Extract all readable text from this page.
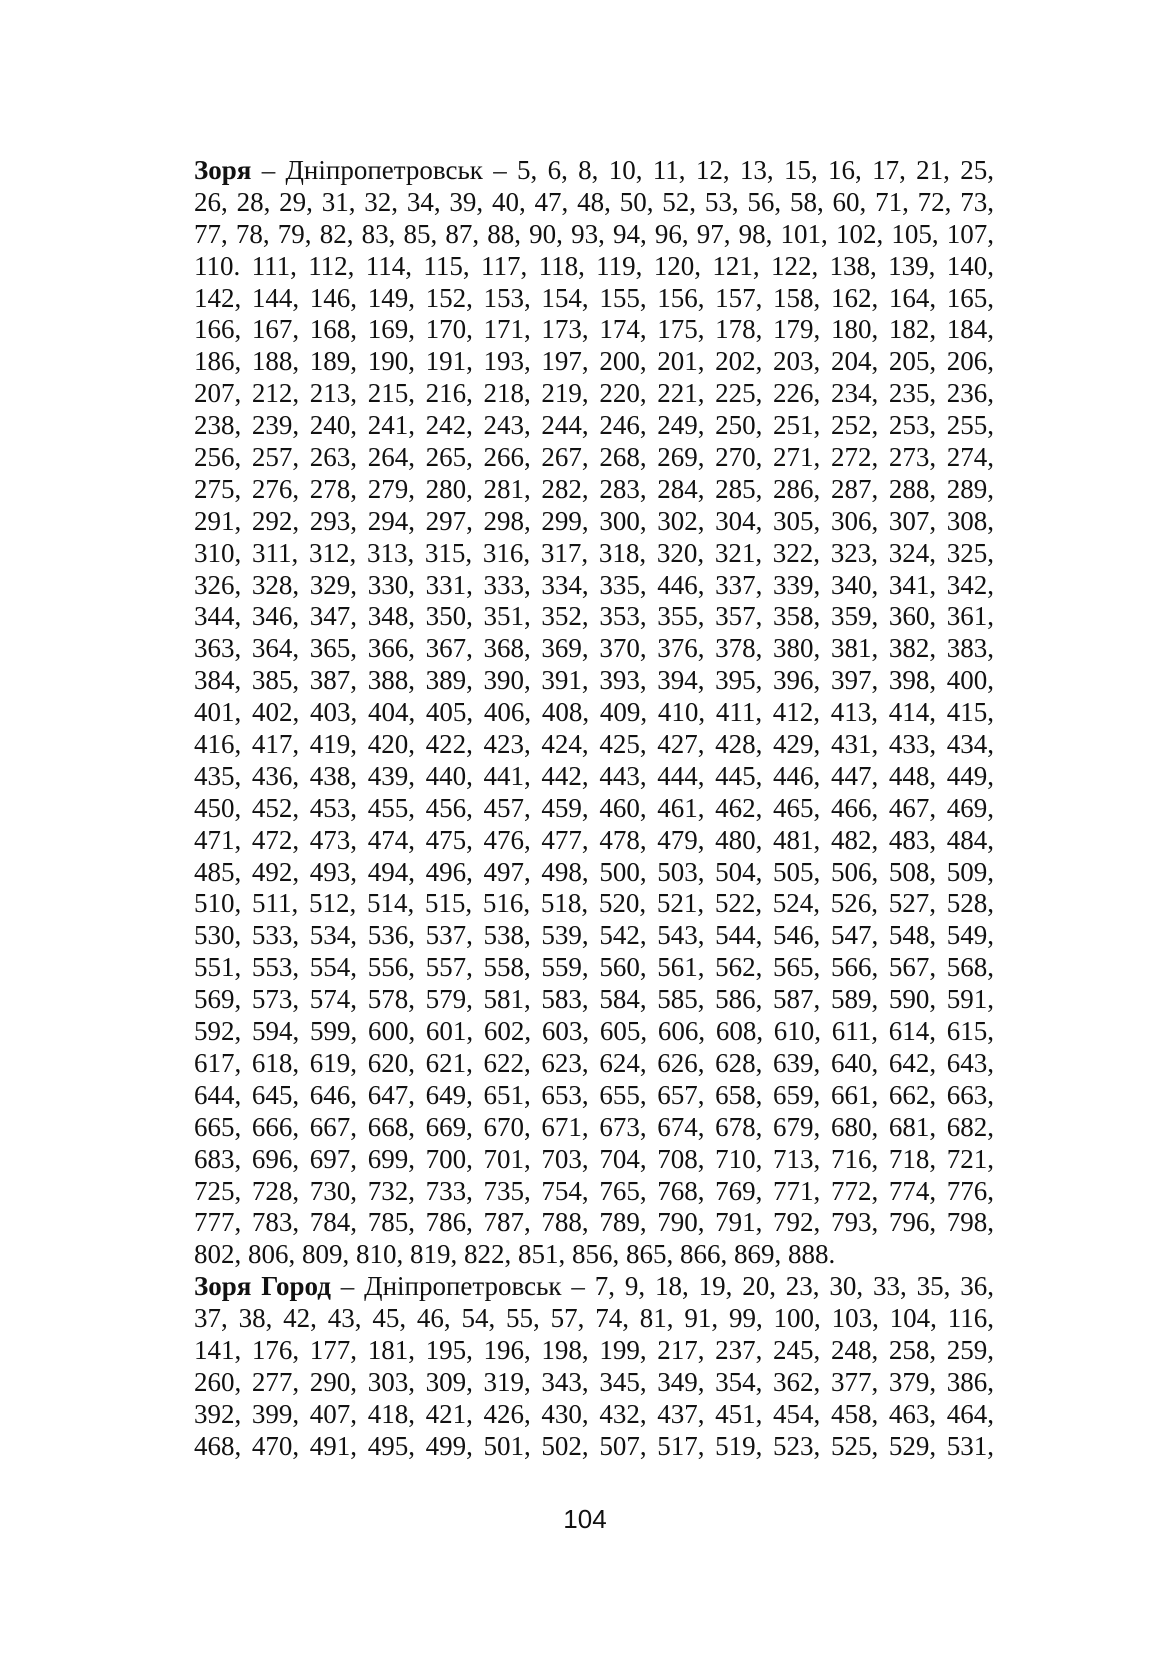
Зоря – Дніпропетровськ – 5, 6, 8, 10, 11, 12, 13, 15, 16, 17, 21, 25,
26, 28, 29, 31, 32, 34, 39, 40, 47, 48, 50, 52, 53, 56, 58, 60, 71, 72, 73,
77, 78, 79, 82, 83, 85, 87, 88, 90, 93, 94, 96, 97, 98, 101, 102, 105, 107,
110. 111, 112, 114, 115, 117, 118, 119, 120, 121, 122, 138, 139, 140,
142, 144, 146, 149, 152, 153, 154, 155, 156, 157, 158, 162, 164, 165,
166, 167, 168, 169, 170, 171, 173, 174, 175, 178, 179, 180, 182, 184,
186, 188, 189, 190, 191, 193, 197, 200, 201, 202, 203, 204, 205, 206,
207, 212, 213, 215, 216, 218, 219, 220, 221, 225, 226, 234, 235, 236,
238, 239, 240, 241, 242, 243, 244, 246, 249, 250, 251, 252, 253, 255,
256, 257, 263, 264, 265, 266, 267, 268, 269, 270, 271, 272, 273, 274,
275, 276, 278, 279, 280, 281, 282, 283, 284, 285, 286, 287, 288, 289,
291, 292, 293, 294, 297, 298, 299, 300, 302, 304, 305, 306, 307, 308,
310, 311, 312, 313, 315, 316, 317, 318, 320, 321, 322, 323, 324, 325,
326, 328, 329, 330, 331, 333, 334, 335, 446, 337, 339, 340, 341, 342,
344, 346, 347, 348, 350, 351, 352, 353, 355, 357, 358, 359, 360, 361,
363, 364, 365, 366, 367, 368, 369, 370, 376, 378, 380, 381, 382, 383,
384, 385, 387, 388, 389, 390, 391, 393, 394, 395, 396, 397, 398, 400,
401, 402, 403, 404, 405, 406, 408, 409, 410, 411, 412, 413, 414, 415,
416, 417, 419, 420, 422, 423, 424, 425, 427, 428, 429, 431, 433, 434,
435, 436, 438, 439, 440, 441, 442, 443, 444, 445, 446, 447, 448, 449,
450, 452, 453, 455, 456, 457, 459, 460, 461, 462, 465, 466, 467, 469,
471, 472, 473, 474, 475, 476, 477, 478, 479, 480, 481, 482, 483, 484,
485, 492, 493, 494, 496, 497, 498, 500, 503, 504, 505, 506, 508, 509,
510, 511, 512, 514, 515, 516, 518, 520, 521, 522, 524, 526, 527, 528,
530, 533, 534, 536, 537, 538, 539, 542, 543, 544, 546, 547, 548, 549,
551, 553, 554, 556, 557, 558, 559, 560, 561, 562, 565, 566, 567, 568,
569, 573, 574, 578, 579, 581, 583, 584, 585, 586, 587, 589, 590, 591,
592, 594, 599, 600, 601, 602, 603, 605, 606, 608, 610, 611, 614, 615,
617, 618, 619, 620, 621, 622, 623, 624, 626, 628, 639, 640, 642, 643,
644, 645, 646, 647, 649, 651, 653, 655, 657, 658, 659, 661, 662, 663,
665, 666, 667, 668, 669, 670, 671, 673, 674, 678, 679, 680, 681, 682,
683, 696, 697, 699, 700, 701, 703, 704, 708, 710, 713, 716, 718, 721,
725, 728, 730, 732, 733, 735, 754, 765, 768, 769, 771, 772, 774, 776,
777, 783, 784, 785, 786, 787, 788, 789, 790, 791, 792, 793, 796, 798,
802, 806, 809, 810, 819, 822, 851, 856, 865, 866, 869, 888.
Зоря Город – Дніпропетровськ – 7, 9, 18, 19, 20, 23, 30, 33, 35, 36,
37, 38, 42, 43, 45, 46, 54, 55, 57, 74, 81, 91, 99, 100, 103, 104, 116,
141, 176, 177, 181, 195, 196, 198, 199, 217, 237, 245, 248, 258, 259,
260, 277, 290, 303, 309, 319, 343, 345, 349, 354, 362, 377, 379, 386,
392, 399, 407, 418, 421, 426, 430, 432, 437, 451, 454, 458, 463, 464,
468, 470, 491, 495, 499, 501, 502, 507, 517, 519, 523, 525, 529, 531,
104
